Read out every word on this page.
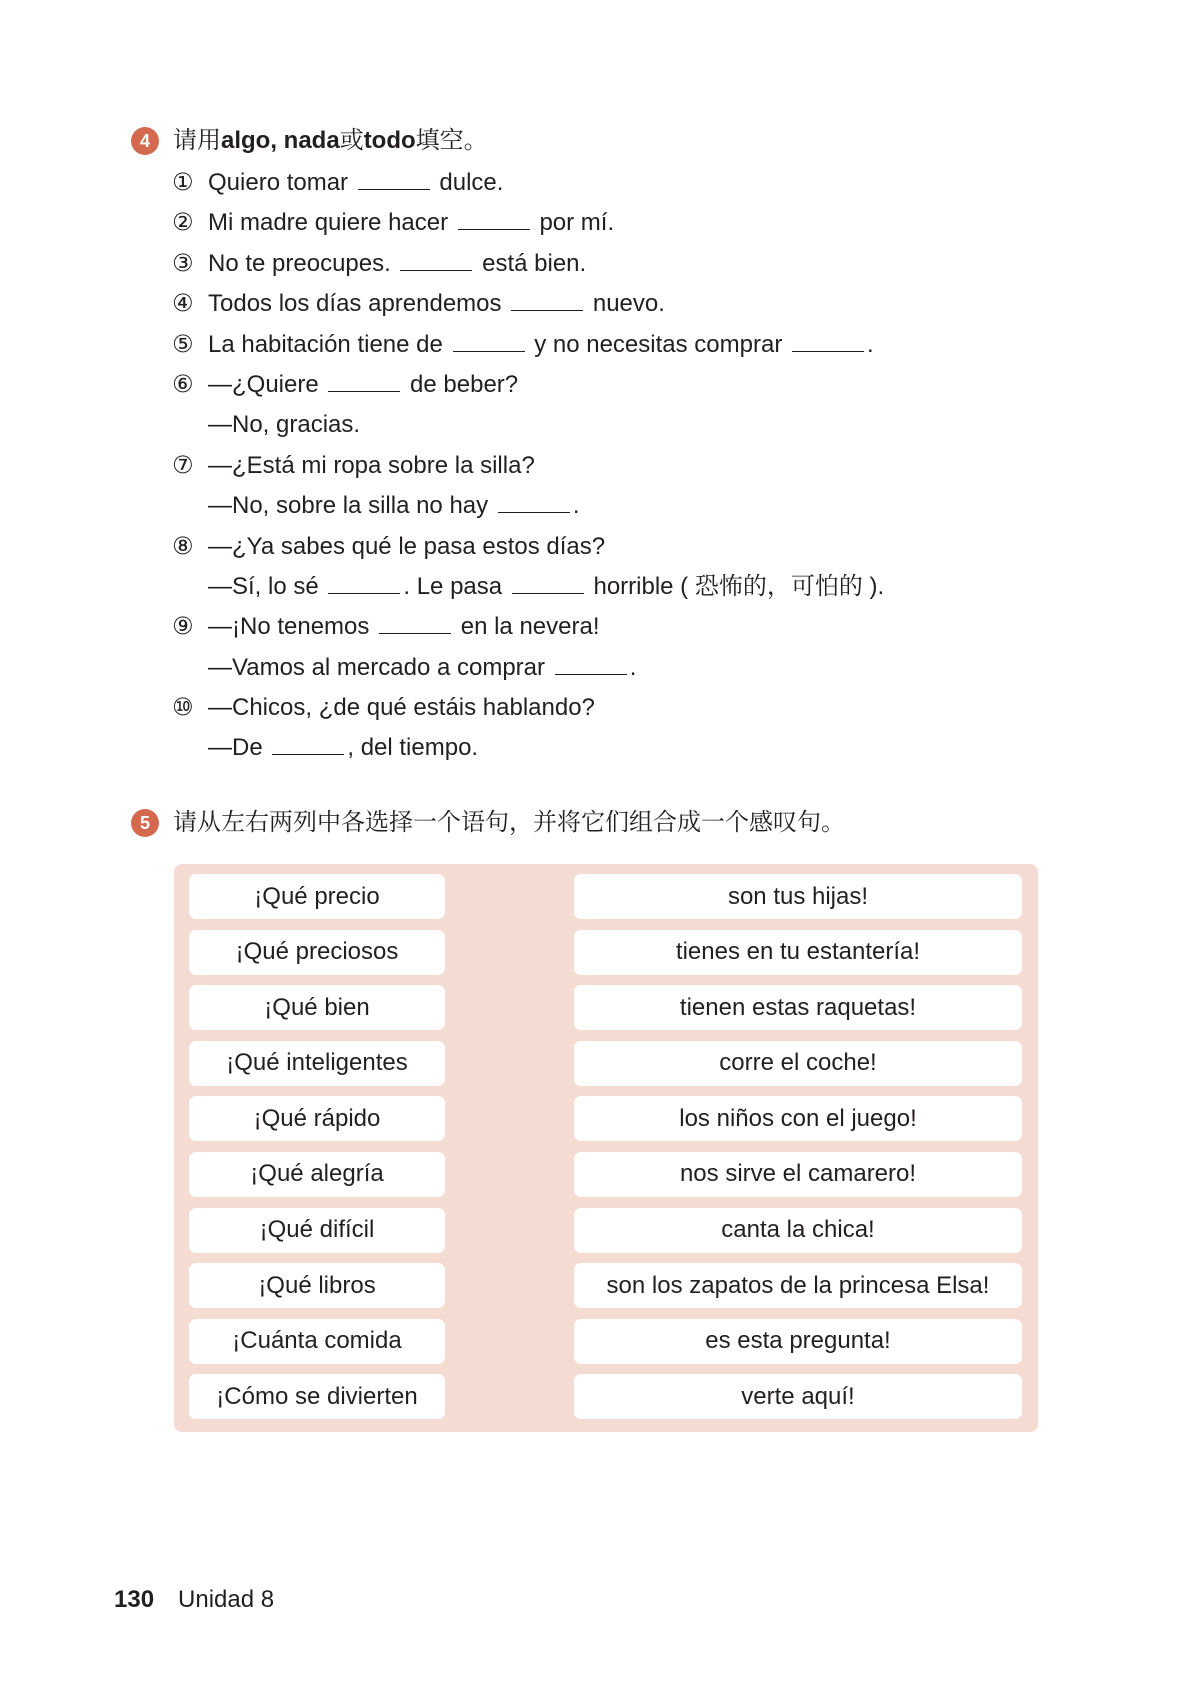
4 请用algo, nada或todo填空。
① Quiero tomar	dulce.
② Mi madre quiere hacer	por mí.
③ No te preocupes.	está bien.
④ Todos los días aprendemos	nuevo.
⑤ La habitación tiene de	y no necesitas comprar	.
⑥ —¿Quiere	de beber?
—No, gracias.
⑦ —¿Está mi ropa sobre la silla?
—No, sobre la silla no hay	.
⑧ —¿Ya sabes qué le pasa estos días?
—Sí, lo sé	. Le pasa	horrible ( 恐怖的，可怕的 ).
⑨ —¡No tenemos	en la nevera!
—Vamos al mercado a comprar	.
⑩ —Chicos, ¿de qué estáis hablando?
—De	, del tiempo.
5 请从左右两列中各选择一个语句，并将它们组合成一个感叹句。
¡Qué precio
¡Qué preciosos
¡Qué bien
¡Qué inteligentes
¡Qué rápido
¡Qué alegría
¡Qué difícil
¡Qué libros
¡Cuánta comida
¡Cómo se divierten
son tus hijas!
tienes en tu estantería!
tienen estas raquetas!
corre el coche!
los niños con el juego!
nos sirve el camarero!
canta la chica!
son los zapatos de la princesa Elsa!
es esta pregunta!
verte aquí!
130 Unidad 8
